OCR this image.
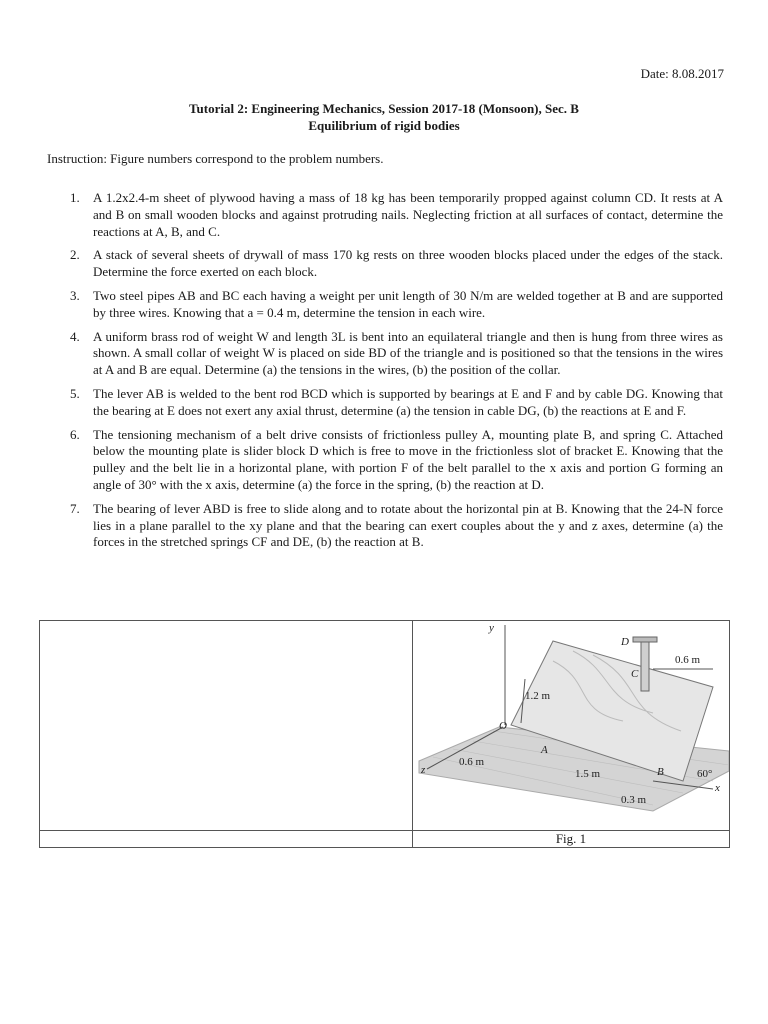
Date: 8.08.2017
Tutorial 2: Engineering Mechanics, Session 2017-18 (Monsoon), Sec. B
Equilibrium of rigid bodies
Instruction: Figure numbers correspond to the problem numbers.
1.	A 1.2x2.4-m sheet of plywood having a mass of 18 kg has been temporarily propped against column CD. It rests at A and B on small wooden blocks and against protruding nails. Neglecting friction at all surfaces of contact, determine the reactions at A, B, and C.
2.	A stack of several sheets of drywall of mass 170 kg rests on three wooden blocks placed under the edges of the stack. Determine the force exerted on each block.
3.	Two steel pipes AB and BC each having a weight per unit length of 30 N/m are welded together at B and are supported by three wires. Knowing that a = 0.4 m, determine the tension in each wire.
4.	A uniform brass rod of weight W and length 3L is bent into an equilateral triangle and then is hung from three wires as shown. A small collar of weight W is placed on side BD of the triangle and is positioned so that the tensions in the wires at A and B are equal. Determine (a) the tensions in the wires, (b) the position of the collar.
5.	The lever AB is welded to the bent rod BCD which is supported by bearings at E and F and by cable DG. Knowing that the bearing at E does not exert any axial thrust, determine (a) the tension in cable DG, (b) the reactions at E and F.
6.	The tensioning mechanism of a belt drive consists of frictionless pulley A, mounting plate B, and spring C. Attached below the mounting plate is slider block D which is free to move in the frictionless slot of bracket E. Knowing that the pulley and the belt lie in a horizontal plane, with portion F of the belt parallel to the x axis and portion G forming an angle of 30° with the x axis, determine (a) the force in the spring, (b) the reaction at D.
7.	The bearing of lever ABD is free to slide along and to rotate about the horizontal pin at B. Knowing that the 24-N force lies in a plane parallel to the xy plane and that the bearing can exert couples about the y and z axes, determine (a) the forces in the stretched springs CF and DE, (b) the reaction at B.
y
D
C
0.6 m
1.2 m
O
A
B
0.6 m
1.5 m
0.3 m
60°
z
x
Fig. 1
